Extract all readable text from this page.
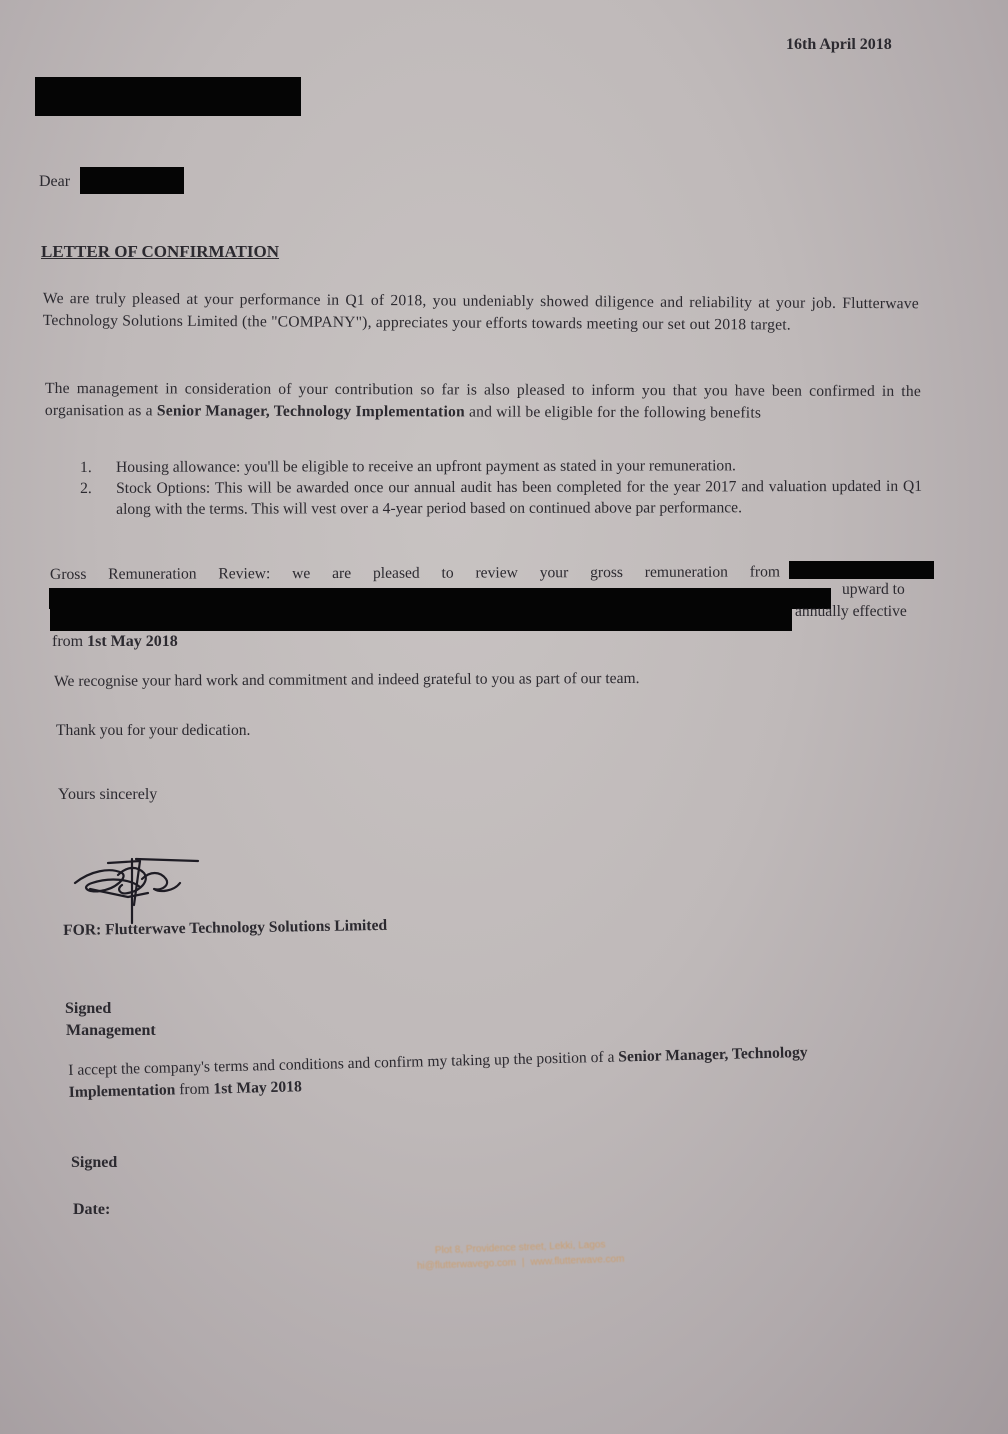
16th April 2018
Dear
LETTER OF CONFIRMATION
We are truly pleased at your performance in Q1 of 2018, you undeniably showed diligence and reliability at your job. Flutterwave Technology Solutions Limited (the "COMPANY"), appreciates your efforts towards meeting our set out 2018 target.
The management in consideration of your contribution so far is also pleased to inform you that you have been confirmed in the organisation as a Senior Manager, Technology Implementation and will be eligible for the following benefits
1. Housing allowance: you'll be eligible to receive an upfront payment as stated in your remuneration.
2. Stock Options: This will be awarded once our annual audit has been completed for the year 2017 and valuation updated in Q1 along with the terms. This will vest over a 4-year period based on continued above par performance.
Gross Remuneration Review: we are pleased to review your gross remuneration from
upward to
annually effective
from 1st May 2018
We recognise your hard work and commitment and indeed grateful to you as part of our team.
Thank you for your dedication.
Yours sincerely
FOR: Flutterwave Technology Solutions Limited
Signed
Management
I accept the company's terms and conditions and confirm my taking up the position of a Senior Manager, Technology Implementation from 1st May 2018
Signed
Date:
Plot 8, Providence street, Lekki, Lagos
hi@flutterwavego.com | www.flutterwave.com
